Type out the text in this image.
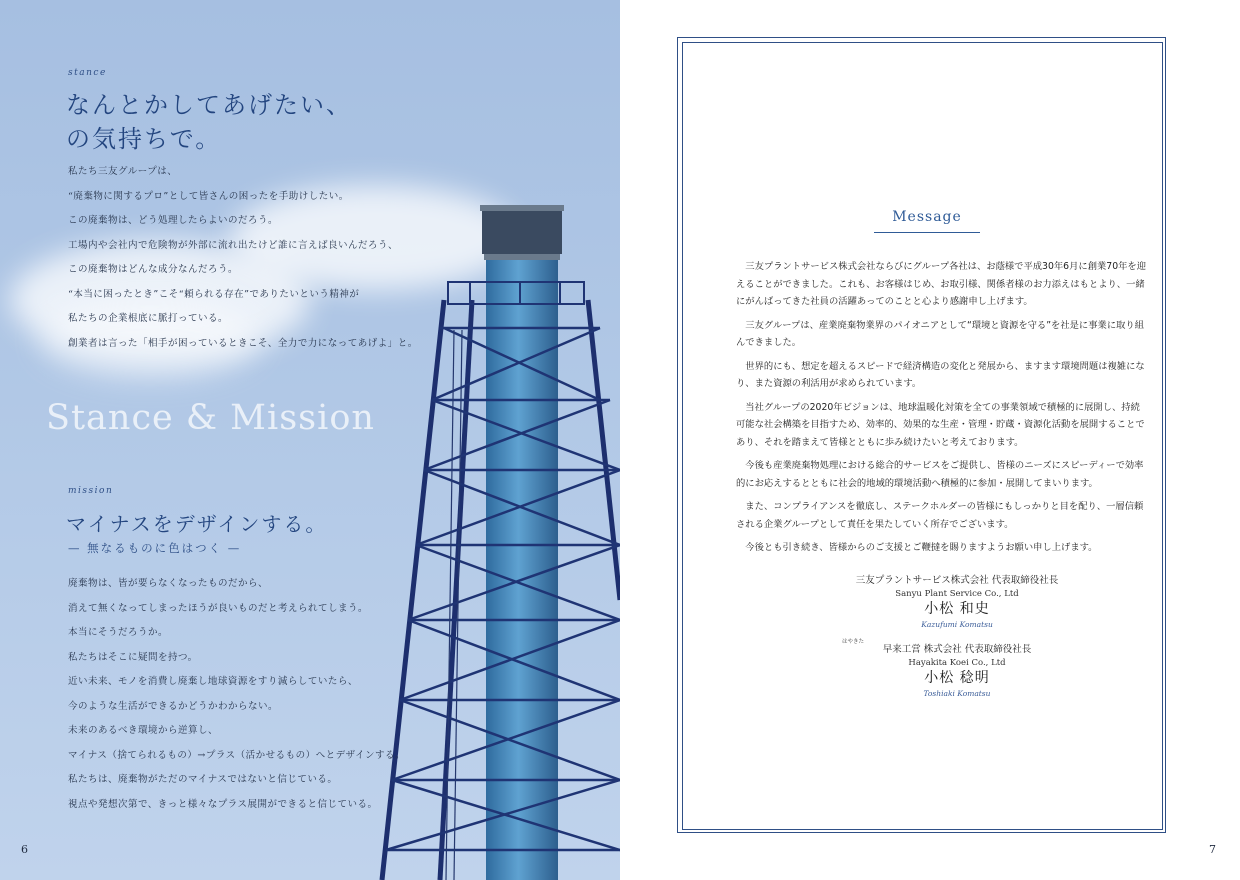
stance
なんとかしてあげたい、
の気持ちで。
私たち三友グループは、
“廃棄物に関するプロ”として皆さんの困ったを手助けしたい。
この廃棄物は、どう処理したらよいのだろう。
工場内や会社内で危険物が外部に流れ出たけど誰に言えば良いんだろう、
この廃棄物はどんな成分なんだろう。
“本当に困ったとき”こそ“頼られる存在”でありたいという精神が
私たちの企業根底に脈打っている。
創業者は言った「相手が困っているときこそ、全力で力になってあげよ」と。
Stance & Mission
mission
マイナスをデザインする。
— 無なるものに色はつく —
廃棄物は、皆が要らなくなったものだから、
消えて無くなってしまったほうが良いものだと考えられてしまう。
本当にそうだろうか。
私たちはそこに疑問を持つ。
近い未来、モノを消費し廃棄し地球資源をすり減らしていたら、
今のような生活ができるかどうかわからない。
未来のあるべき環境から逆算し、
マイナス（捨てられるもの）→プラス（活かせるもの）へとデザインする。
私たちは、廃棄物がただのマイナスではないと信じている。
視点や発想次第で、きっと様々なプラス展開ができると信じている。
6
Message

三友プラントサービス株式会社ならびにグループ各社は、お蔭様で平成30年6月に創業70年を迎えることができました。これも、お客様はじめ、お取引様、関係者様のお力添えはもとより、一緒にがんばってきた社員の活躍あってのことと心より感謝申し上げます。

三友グループは、産業廃棄物業界のパイオニアとして“環境と資源を守る”を社是に事業に取り組んできました。

世界的にも、想定を超えるスピードで経済構造の変化と発展から、ますます環境問題は複雑になり、また資源の利活用が求められています。

当社グループの2020年ビジョンは、地球温暖化対策を全ての事業領域で積極的に展開し、持続可能な社会構築を目指すため、効率的、効果的な生産・管理・貯蔵・資源化活動を展開することであり、それを踏まえて皆様とともに歩み続けたいと考えております。

今後も産業廃棄物処理における総合的サービスをご提供し、皆様のニーズにスピーディーで効率的にお応えするとともに社会的地域的環境活動へ積極的に参加・展開してまいります。

また、コンプライアンスを徹底し、ステークホルダーの皆様にもしっかりと目を配り、一層信頼される企業グループとして責任を果たしていく所存でございます。

今後とも引き続き、皆様からのご支援とご鞭撻を賜りますようお願い申し上げます。

三友プラントサービス株式会社 代表取締役社長
Sanyu Plant Service Co., Ltd
小松 和史
Kazufumi Komatsu
はやきた
早来工営 株式会社 代表取締役社長
Hayakita Koei Co., Ltd
小松 稔明
Toshiaki Komatsu
7
